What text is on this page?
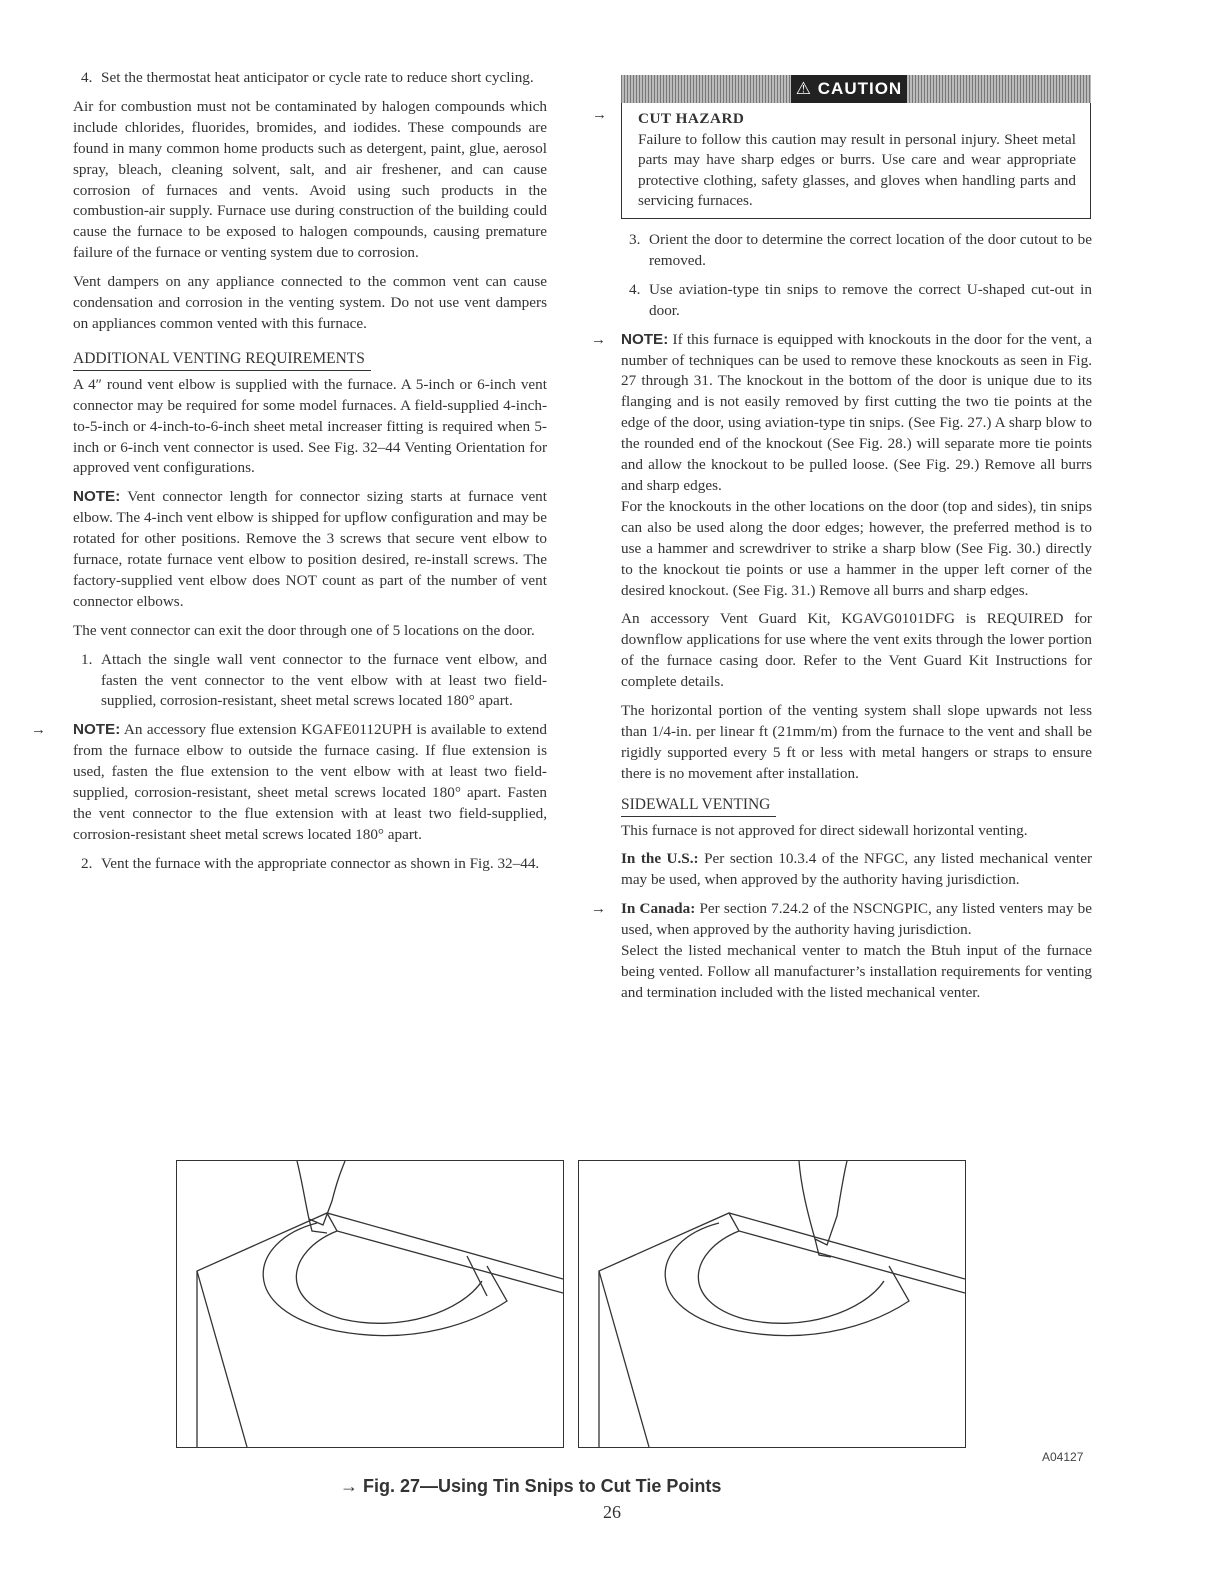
4. Set the thermostat heat anticipator or cycle rate to reduce short cycling.

Air for combustion must not be contaminated by halogen compounds which include chlorides, fluorides, bromides, and iodides. These compounds are found in many common home products such as detergent, paint, glue, aerosol spray, bleach, cleaning solvent, salt, and air freshener, and can cause corrosion of furnaces and vents. Avoid using such products in the combustion-air supply. Furnace use during construction of the building could cause the furnace to be exposed to halogen compounds, causing premature failure of the furnace or venting system due to corrosion.

Vent dampers on any appliance connected to the common vent can cause condensation and corrosion in the venting system. Do not use vent dampers on appliances common vented with this furnace.

ADDITIONAL VENTING REQUIREMENTS

A 4″ round vent elbow is supplied with the furnace. A 5-inch or 6-inch vent connector may be required for some model furnaces. A field-supplied 4-inch-to-5-inch or 4-inch-to-6-inch sheet metal increaser fitting is required when 5-inch or 6-inch vent connector is used. See Fig. 32–44 Venting Orientation for approved vent configurations.

NOTE: Vent connector length for connector sizing starts at furnace vent elbow. The 4-inch vent elbow is shipped for upflow configuration and may be rotated for other positions. Remove the 3 screws that secure vent elbow to furnace, rotate furnace vent elbow to position desired, re-install screws. The factory-supplied vent elbow does NOT count as part of the number of vent connector elbows.

The vent connector can exit the door through one of 5 locations on the door.

1. Attach the single wall vent connector to the furnace vent elbow, and fasten the vent connector to the vent elbow with at least two field-supplied, corrosion-resistant, sheet metal screws located 180° apart.

→ NOTE: An accessory flue extension KGAFE0112UPH is available to extend from the furnace elbow to outside the furnace casing. If flue extension is used, fasten the flue extension to the vent elbow with at least two field-supplied, corrosion-resistant, sheet metal screws located 180° apart. Fasten the vent connector to the flue extension with at least two field-supplied, corrosion-resistant sheet metal screws located 180° apart.

2. Vent the furnace with the appropriate connector as shown in Fig. 32–44.
⚠ CAUTION
→ CUT HAZARD
Failure to follow this caution may result in personal injury. Sheet metal parts may have sharp edges or burrs. Use care and wear appropriate protective clothing, safety glasses, and gloves when handling parts and servicing furnaces.
3. Orient the door to determine the correct location of the door cutout to be removed.
4. Use aviation-type tin snips to remove the correct U-shaped cut-out in door.

→ NOTE: If this furnace is equipped with knockouts in the door for the vent, a number of techniques can be used to remove these knockouts as seen in Fig. 27 through 31. The knockout in the bottom of the door is unique due to its flanging and is not easily removed by first cutting the two tie points at the edge of the door, using aviation-type tin snips. (See Fig. 27.) A sharp blow to the rounded end of the knockout (See Fig. 28.) will separate more tie points and allow the knockout to be pulled loose. (See Fig. 29.) Remove all burrs and sharp edges.

For the knockouts in the other locations on the door (top and sides), tin snips can also be used along the door edges; however, the preferred method is to use a hammer and screwdriver to strike a sharp blow (See Fig. 30.) directly to the knockout tie points or use a hammer in the upper left corner of the desired knockout. (See Fig. 31.) Remove all burrs and sharp edges.

An accessory Vent Guard Kit, KGAVG0101DFG is REQUIRED for downflow applications for use where the vent exits through the lower portion of the furnace casing door. Refer to the Vent Guard Kit Instructions for complete details.

The horizontal portion of the venting system shall slope upwards not less than 1/4-in. per linear ft (21mm/m) from the furnace to the vent and shall be rigidly supported every 5 ft or less with metal hangers or straps to ensure there is no movement after installation.

SIDEWALL VENTING

This furnace is not approved for direct sidewall horizontal venting.

In the U.S.: Per section 10.3.4 of the NFGC, any listed mechanical venter may be used, when approved by the authority having jurisdiction.

→ In Canada: Per section 7.24.2 of the NSCNGPIC, any listed venters may be used, when approved by the authority having jurisdiction.

Select the listed mechanical venter to match the Btuh input of the furnace being vented. Follow all manufacturer’s installation requirements for venting and termination included with the listed mechanical venter.

A04127
→ Fig. 27—Using Tin Snips to Cut Tie Points
26
